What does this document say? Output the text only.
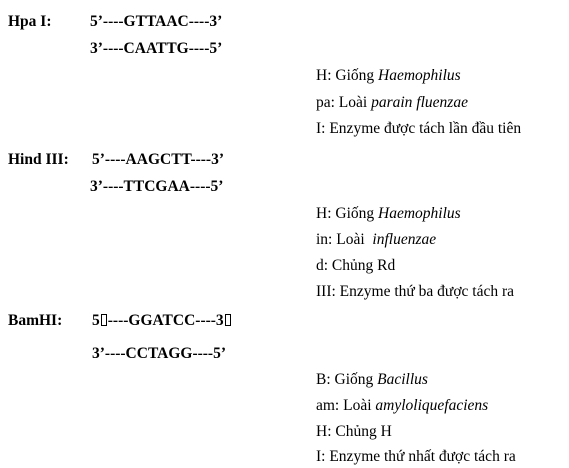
Hpa I: 5’----GTTAAC----3’
3’----CAATTG----5’
H: Giống Haemophilus
pa: Loài parain fluenzae
I: Enzyme được tách lần đầu tiên
Hind III: 5’----AAGCTT----3’
3’----TTCGAA----5’
H: Giống Haemophilus
in: Loài  influenzae
d: Chủng Rd
III: Enzyme thứ ba được tách ra
BamHI: 5 ----GGATCC----3
3’----CCTAGG----5’
B: Giống Bacillus
am: Loài amyloliquefaciens
H: Chủng H
I: Enzyme thứ nhất được tách ra
